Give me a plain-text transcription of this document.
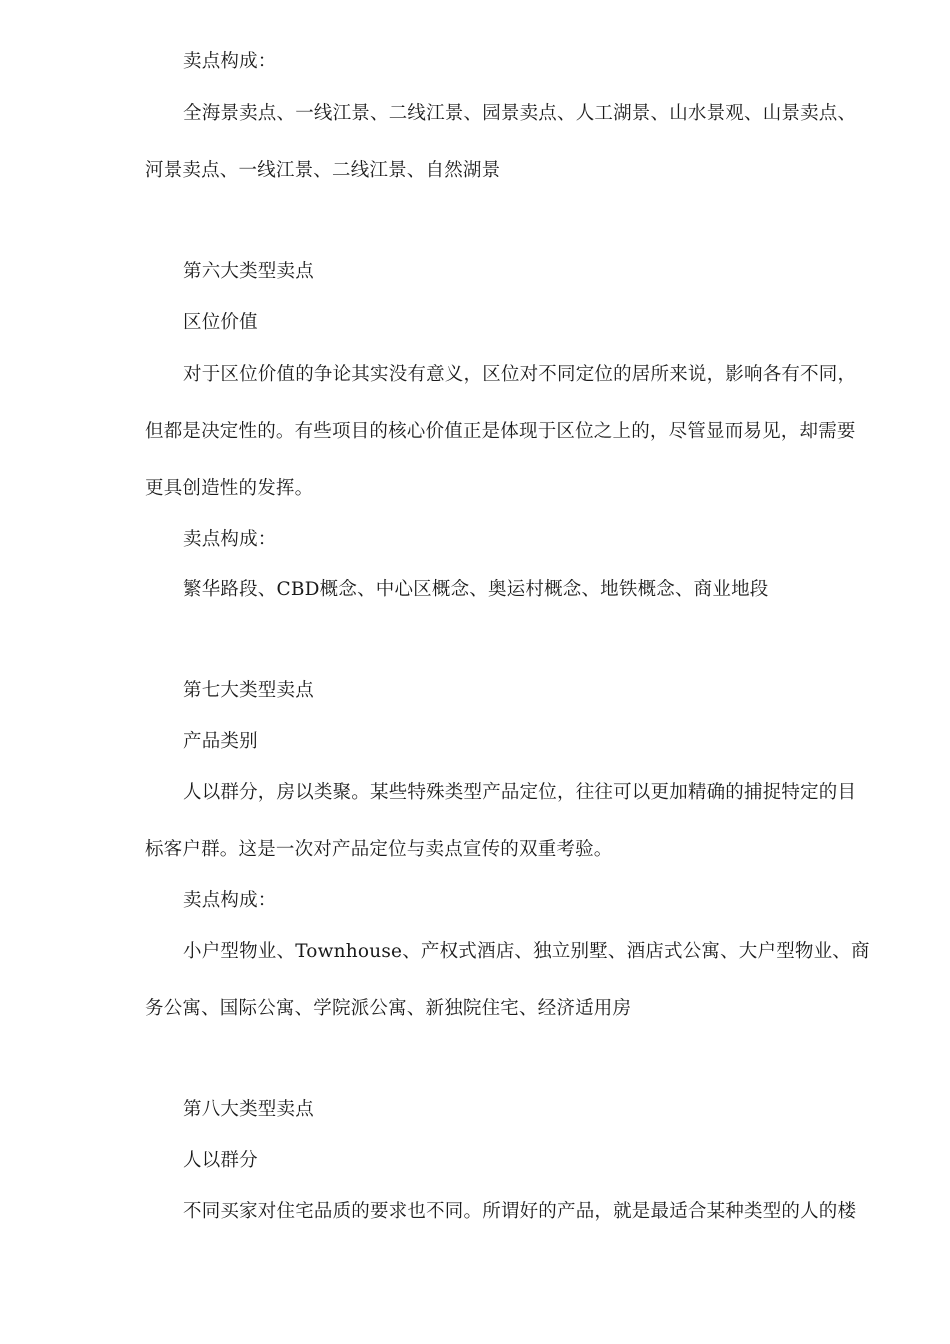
卖点构成：
全海景卖点、一线江景、二线江景、园景卖点、人工湖景、山水景观、山景卖点、
河景卖点、一线江景、二线江景、自然湖景
第六大类型卖点
区位价值
对于区位价值的争论其实没有意义，区位对不同定位的居所来说，影响各有不同，
但都是决定性的。有些项目的核心价值正是体现于区位之上的，尽管显而易见，却需要
更具创造性的发挥。
卖点构成：
繁华路段、CBD概念、中心区概念、奥运村概念、地铁概念、商业地段
第七大类型卖点
产品类别
人以群分，房以类聚。某些特殊类型产品定位，往往可以更加精确的捕捉特定的目
标客户群。这是一次对产品定位与卖点宣传的双重考验。
卖点构成：
小户型物业、Townhouse、产权式酒店、独立别墅、酒店式公寓、大户型物业、商
务公寓、国际公寓、学院派公寓、新独院住宅、经济适用房
第八大类型卖点
人以群分
不同买家对住宅品质的要求也不同。所谓好的产品，就是最适合某种类型的人的楼
